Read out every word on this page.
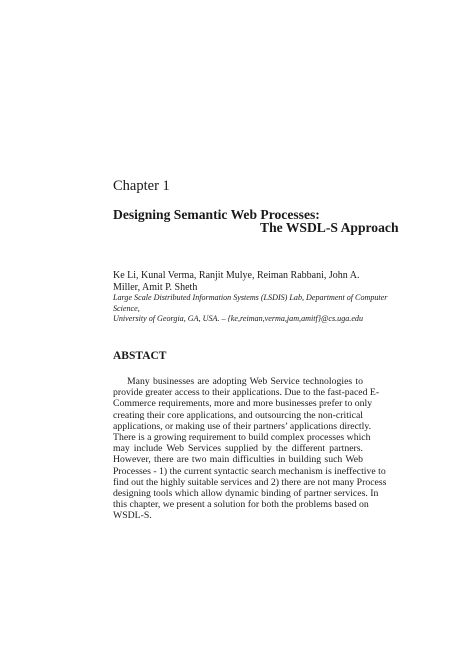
Chapter 1
Designing Semantic Web Processes:
The WSDL-S Approach
Ke Li, Kunal Verma, Ranjit Mulye, Reiman Rabbani, John A. Miller, Amit P. Sheth
Large Scale Distributed Information Systems (LSDIS) Lab, Department of Computer Science,
University of Georgia, GA, USA. – {ke,reiman,verma,jam,amitf}@cs.uga.edu
ABSTACT
Many businesses are adopting Web Service technologies to
provide greater access to their applications. Due to the fast-paced E-
Commerce requirements, more and more businesses prefer to only
creating their core applications, and outsourcing the non-critical
applications, or making use of their partners’ applications directly.
There is a growing requirement to build complex processes which
may include Web Services supplied by the different partners.
However, there are two main difficulties in building such Web
Processes - 1) the current syntactic search mechanism is ineffective to
find out the highly suitable services and 2) there are not many Process
designing tools which allow dynamic binding of partner services. In
this chapter, we present a solution for both the problems based on
WSDL-S.
